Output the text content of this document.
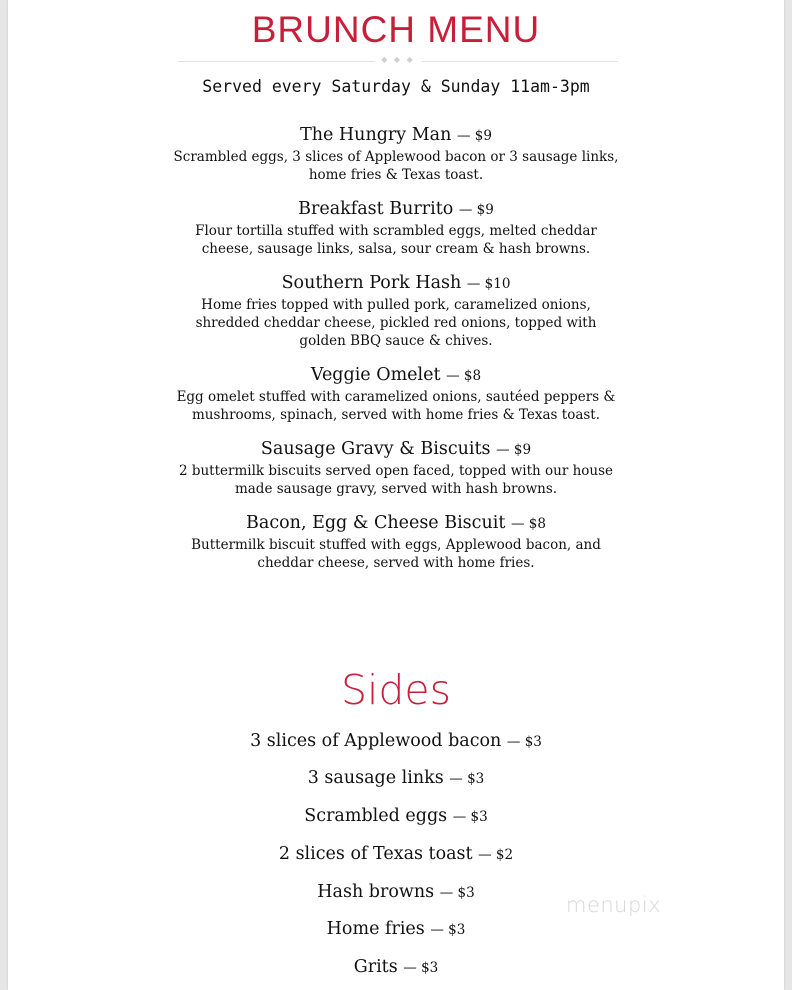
BRUNCH MENU
◆ ◆ ◆
Served every Saturday & Sunday 11am-3pm
The Hungry Man — $9
Scrambled eggs, 3 slices of Applewood bacon or 3 sausage links,
home fries & Texas toast.
Breakfast Burrito — $9
Flour tortilla stuffed with scrambled eggs, melted cheddar
cheese, sausage links, salsa, sour cream & hash browns.
Southern Pork Hash — $10
Home fries topped with pulled pork, caramelized onions,
shredded cheddar cheese, pickled red onions, topped with
golden BBQ sauce & chives.
Veggie Omelet — $8
Egg omelet stuffed with caramelized onions, sautéed peppers &
mushrooms, spinach, served with home fries & Texas toast.
Sausage Gravy & Biscuits — $9
2 buttermilk biscuits served open faced, topped with our house
made sausage gravy, served with hash browns.
Bacon, Egg & Cheese Biscuit — $8
Buttermilk biscuit stuffed with eggs, Applewood bacon, and
cheddar cheese, served with home fries.
Sides
3 slices of Applewood bacon — $3
3 sausage links — $3
Scrambled eggs — $3
2 slices of Texas toast — $2
Hash browns — $3
Home fries — $3
Grits — $3
menupix
